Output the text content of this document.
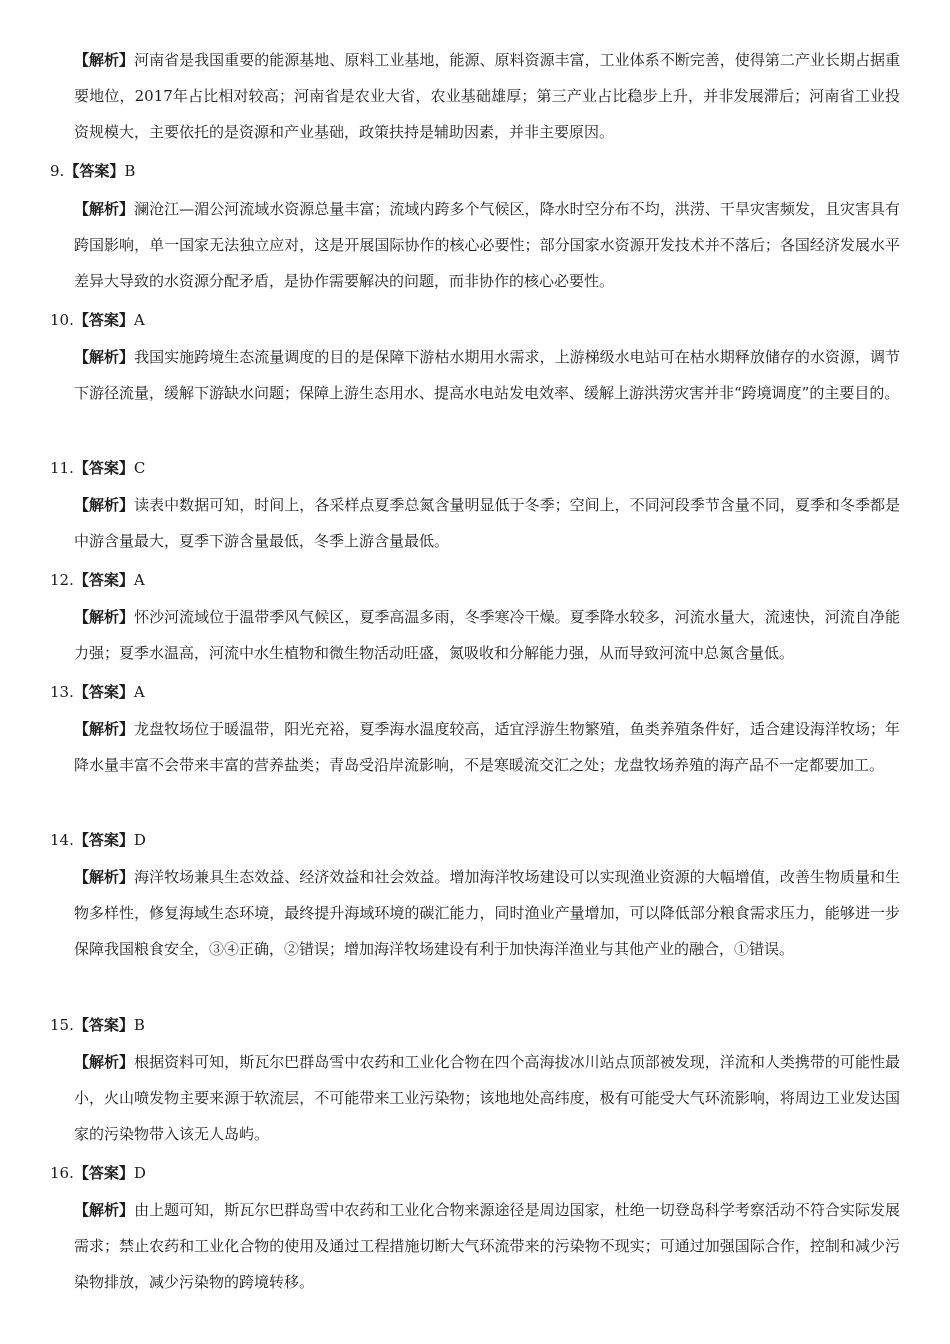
【解析】河南省是我国重要的能源基地、原料工业基地，能源、原料资源丰富，工业体系不断完善，使得第二产业长期占据重要地位，2017年占比相对较高；河南省是农业大省，农业基础雄厚；第三产业占比稳步上升，并非发展滞后；河南省工业投资规模大，主要依托的是资源和产业基础，政策扶持是辅助因素，并非主要原因。
9.【答案】B
【解析】澜沧江—湄公河流域水资源总量丰富；流域内跨多个气候区，降水时空分布不均，洪涝、干旱灾害频发，且灾害具有跨国影响，单一国家无法独立应对，这是开展国际协作的核心必要性；部分国家水资源开发技术并不落后；各国经济发展水平差异大导致的水资源分配矛盾，是协作需要解决的问题，而非协作的核心必要性。
10.【答案】A
【解析】我国实施跨境生态流量调度的目的是保障下游枯水期用水需求，上游梯级水电站可在枯水期释放储存的水资源，调节下游径流量，缓解下游缺水问题；保障上游生态用水、提高水电站发电效率、缓解上游洪涝灾害并非“跨境调度”的主要目的。
11.【答案】C
【解析】读表中数据可知，时间上，各采样点夏季总氮含量明显低于冬季；空间上，不同河段季节含量不同，夏季和冬季都是中游含量最大，夏季下游含量最低，冬季上游含量最低。
12.【答案】A
【解析】怀沙河流域位于温带季风气候区，夏季高温多雨，冬季寒冷干燥。夏季降水较多，河流水量大，流速快，河流自净能力强；夏季水温高，河流中水生植物和微生物活动旺盛，氮吸收和分解能力强，从而导致河流中总氮含量低。
13.【答案】A
【解析】龙盘牧场位于暖温带，阳光充裕，夏季海水温度较高，适宜浮游生物繁殖，鱼类养殖条件好，适合建设海洋牧场；年降水量丰富不会带来丰富的营养盐类；青岛受沿岸流影响，不是寒暖流交汇之处；龙盘牧场养殖的海产品不一定都要加工。
14.【答案】D
【解析】海洋牧场兼具生态效益、经济效益和社会效益。增加海洋牧场建设可以实现渔业资源的大幅增值，改善生物质量和生物多样性，修复海域生态环境，最终提升海域环境的碳汇能力，同时渔业产量增加，可以降低部分粮食需求压力，能够进一步保障我国粮食安全，③④正确，②错误；增加海洋牧场建设有利于加快海洋渔业与其他产业的融合，①错误。
15.【答案】B
【解析】根据资料可知，斯瓦尔巴群岛雪中农药和工业化合物在四个高海拔冰川站点顶部被发现，洋流和人类携带的可能性最小，火山喷发物主要来源于软流层，不可能带来工业污染物；该地地处高纬度，极有可能受大气环流影响，将周边工业发达国家的污染物带入该无人岛屿。
16.【答案】D
【解析】由上题可知，斯瓦尔巴群岛雪中农药和工业化合物来源途径是周边国家，杜绝一切登岛科学考察活动不符合实际发展需求；禁止农药和工业化合物的使用及通过工程措施切断大气环流带来的污染物不现实；可通过加强国际合作，控制和减少污染物排放，减少污染物的跨境转移。
